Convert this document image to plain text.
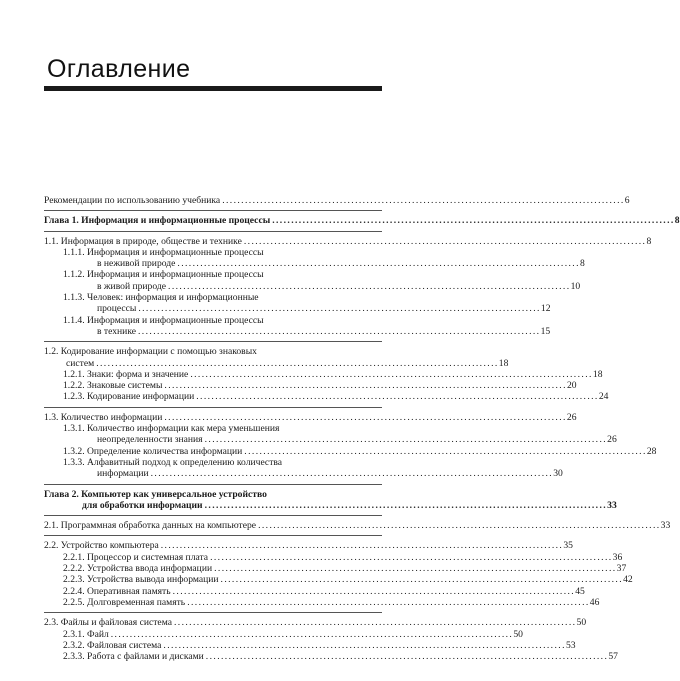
Оглавление
Рекомендации по использованию учебника . . .	6
Глава 1. Информация и информационные процессы . . .	8
1.1. Информация в природе, обществе и технике . . .	8
1.1.1. Информация и информационные процессы
в неживой природе . . .	8
1.1.2. Информация и информационные процессы
в живой природе . . .	10
1.1.3. Человек: информация и информационные
процессы . . .	12
1.1.4. Информация и информационные процессы
в технике . . .	15
1.2. Кодирование информации с помощью знаковых
систем . . .	18
1.2.1. Знаки: форма и значение . . .	18
1.2.2. Знаковые системы . . .	20
1.2.3. Кодирование информации . . .	24
1.3. Количество информации . . .	26
1.3.1. Количество информации как мера уменьшения
неопределенности знания . . .	26
1.3.2. Определение количества информации . . .	28
1.3.3. Алфавитный подход к определению количества
информации . . .	30
Глава 2. Компьютер как универсальное устройство
для обработки информации . . .	33
2.1. Программная обработка данных на компьютере . . .	33
2.2. Устройство компьютера . . .	35
2.2.1. Процессор и системная плата . . .	36
2.2.2. Устройства ввода информации . . .	37
2.2.3. Устройства вывода информации . . .	42
2.2.4. Оперативная память . . .	45
2.2.5. Долговременная память . . .	46
2.3. Файлы и файловая система . . .	50
2.3.1. Файл . . .	50
2.3.2. Файловая система . . .	53
2.3.3. Работа с файлами и дисками . . .	57
